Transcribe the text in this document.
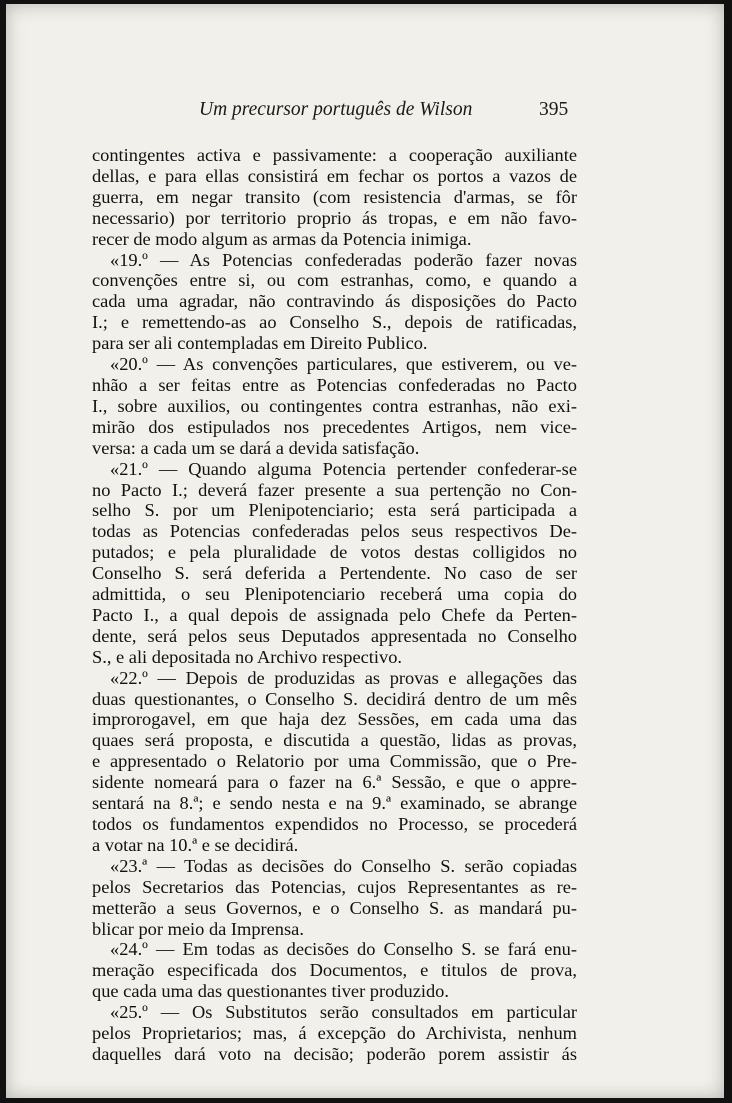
Um precursor português de Wilson	395
contingentes activa e passivamente: a cooperação auxiliante
dellas, e para ellas consistirá em fechar os portos a vazos de
guerra, em negar transito (com resistencia d'armas, se fôr
necessario) por territorio proprio ás tropas, e em não favo-
recer de modo algum as armas da Potencia inimiga.
«19.º — As Potencias confederadas poderão fazer novas
convenções entre si, ou com estranhas, como, e quando a
cada uma agradar, não contravindo ás disposições do Pacto
I.; e remettendo-as ao Conselho S., depois de ratificadas,
para ser ali contempladas em Direito Publico.
«20.º — As convenções particulares, que estiverem, ou ve-
nhão a ser feitas entre as Potencias confederadas no Pacto
I., sobre auxilios, ou contingentes contra estranhas, não exi-
mirão dos estipulados nos precedentes Artigos, nem vice-
versa: a cada um se dará a devida satisfação.
«21.º — Quando alguma Potencia pertender confederar-se
no Pacto I.; deverá fazer presente a sua pertenção no Con-
selho S. por um Plenipotenciario; esta será participada a
todas as Potencias confederadas pelos seus respectivos De-
putados; e pela pluralidade de votos destas colligidos no
Conselho S. será deferida a Pertendente. No caso de ser
admittida, o seu Plenipotenciario receberá uma copia do
Pacto I., a qual depois de assignada pelo Chefe da Perten-
dente, será pelos seus Deputados appresentada no Conselho
S., e ali depositada no Archivo respectivo.
«22.º — Depois de produzidas as provas e allegações das
duas questionantes, o Conselho S. decidirá dentro de um mês
improrogavel, em que haja dez Sessões, em cada uma das
quaes será proposta, e discutida a questão, lidas as provas,
e appresentado o Relatorio por uma Commissão, que o Pre-
sidente nomeará para o fazer na 6.ª Sessão, e que o appre-
sentará na 8.ª; e sendo nesta e na 9.ª examinado, se abrange
todos os fundamentos expendidos no Processo, se procederá
a votar na 10.ª e se decidirá.
«23.ª — Todas as decisões do Conselho S. serão copiadas
pelos Secretarios das Potencias, cujos Representantes as re-
metterão a seus Governos, e o Conselho S. as mandará pu-
blicar por meio da Imprensa.
«24.º — Em todas as decisões do Conselho S. se fará enu-
meração especificada dos Documentos, e titulos de prova,
que cada uma das questionantes tiver produzido.
«25.º — Os Substitutos serão consultados em particular
pelos Proprietarios; mas, á excepção do Archivista, nenhum
daquelles dará voto na decisão; poderão porem assistir ás
